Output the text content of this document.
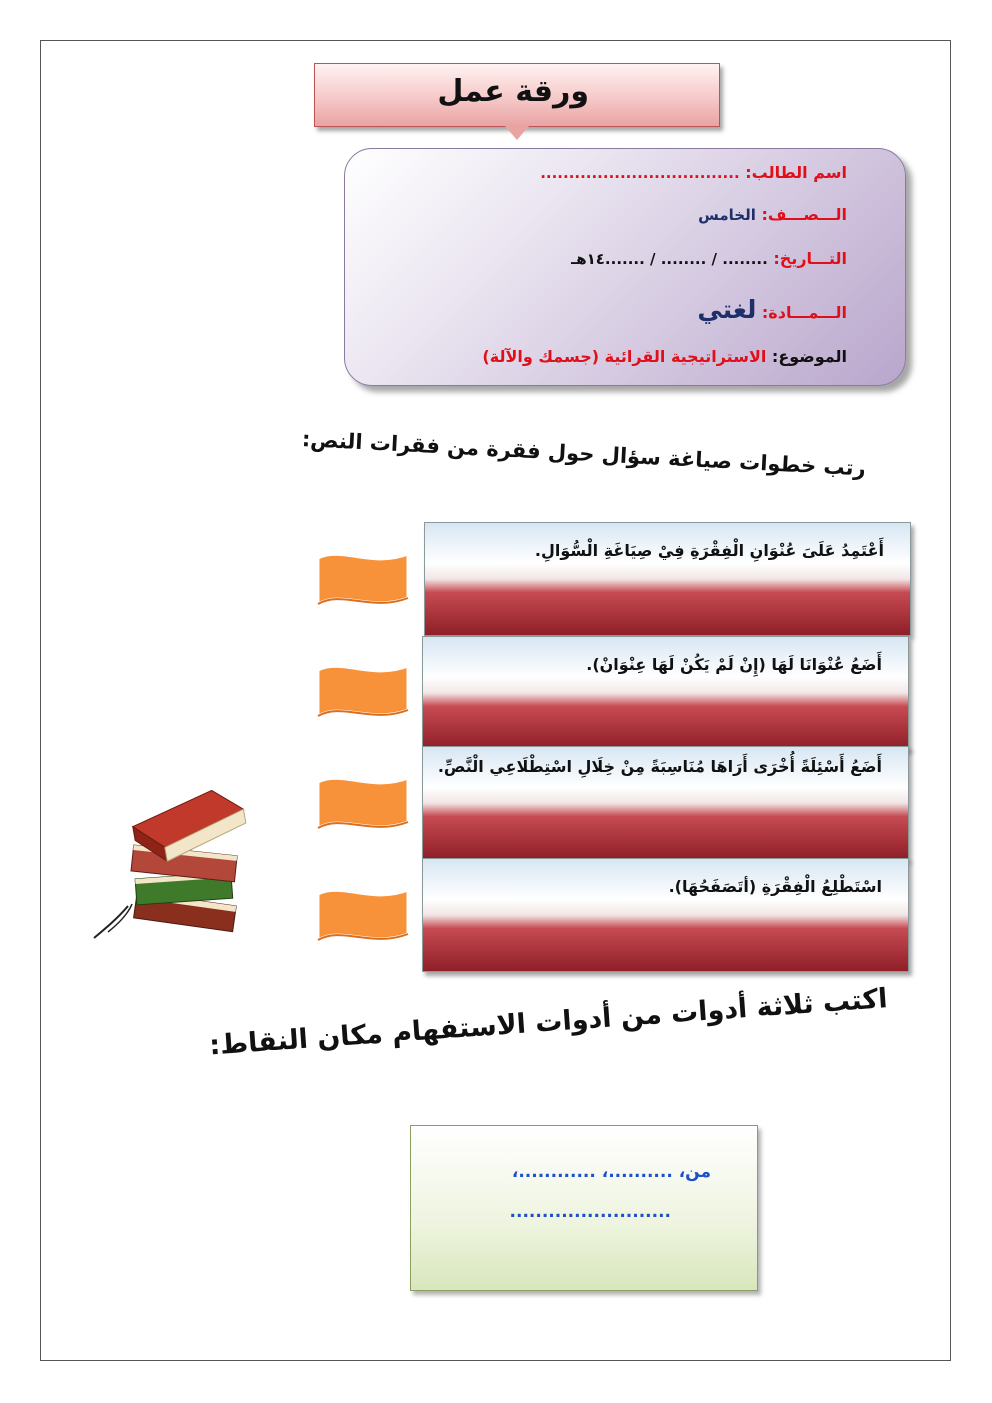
ورقة عمل
اسم الطالب: ...................................
الـــصـــف: الخامس
التـــاريخ: ........ / ........ / .......١٤هـ
الـــمـــادة: لغتي
الموضوع: الاستراتيجية القرائية (جسمك والآلة)
رتب خطوات صياغة سؤال حول فقرة من فقرات النص:
أَعْتَمِدُ عَلَىَ عُنْوَانِ الْفِقْرَةِ فِيْ صِيَاغَةِ الْسُّوَالِ.
أَضَعُ عُنْوَانَا لَهَا (إِنْ لَمْ يَكُنْ لَهَا عِنْوَانْ).
أَضَعُ أَسْئِلَةً أُخْرَى أَرَاهَا مُنَاسِبَةً مِنْ خِلَالِ اسْتِطْلَاعِي الْنَّصِّ.
اسْتَطْلِعُ الْفِقْرَةِ (أتَصَفَحُهَا).
اكتب ثلاثة أدوات من أدوات الاستفهام مكان النقاط:
من، ..........، ............،
.........................
